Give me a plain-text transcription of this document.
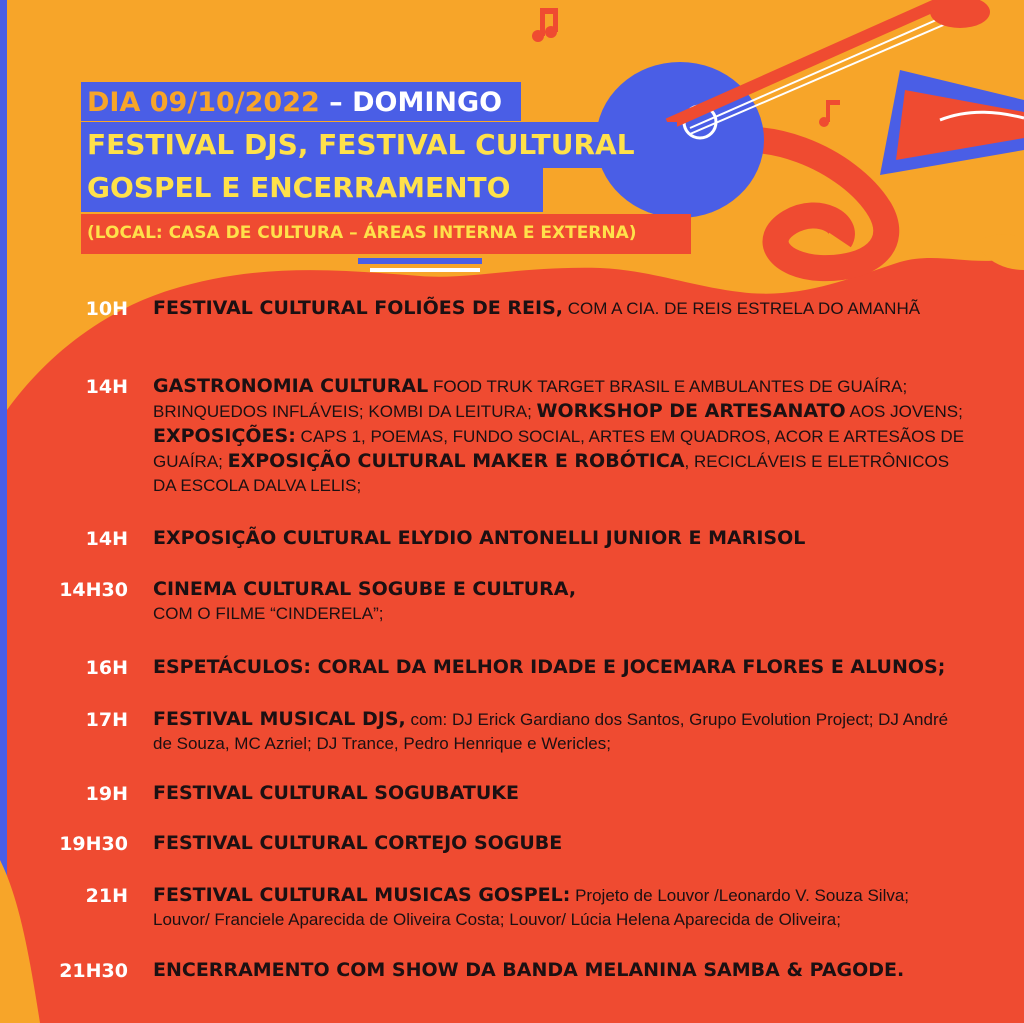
DIA 09/10/2022 – DOMINGO
FESTIVAL DJS, FESTIVAL CULTURAL
GOSPEL E ENCERRAMENTO
(LOCAL: CASA DE CULTURA – ÁREAS INTERNA E EXTERNA)
10H FESTIVAL CULTURAL FOLIÕES DE REIS, COM A CIA. DE REIS ESTRELA DO AMANHÃ
14H GASTRONOMIA CULTURAL FOOD TRUK TARGET BRASIL E AMBULANTES DE GUAÍRA; BRINQUEDOS INFLÁVEIS; KOMBI DA LEITURA; WORKSHOP DE ARTESANATO AOS JOVENS; EXPOSIÇÕES: CAPS 1, POEMAS, FUNDO SOCIAL, ARTES EM QUADROS, ACOR E ARTESÃOS DE GUAÍRA; EXPOSIÇÃO CULTURAL MAKER E ROBÓTICA, RECICLÁVEIS E ELETRÔNICOS DA ESCOLA DALVA LELIS;
14H EXPOSIÇÃO CULTURAL ELYDIO ANTONELLI JUNIOR E MARISOL
14H30 CINEMA CULTURAL SOGUBE E CULTURA,
COM O FILME “CINDERELA”;
16H ESPETÁCULOS: CORAL DA MELHOR IDADE E JOCEMARA FLORES E ALUNOS;
17H FESTIVAL MUSICAL DJS, com: DJ Erick Gardiano dos Santos, Grupo Evolution Project; DJ André de Souza, MC Azriel; DJ Trance, Pedro Henrique e Wericles;
19H FESTIVAL CULTURAL SOGUBATUKE
19H30 FESTIVAL CULTURAL CORTEJO SOGUBE
21H FESTIVAL CULTURAL MUSICAS GOSPEL: Projeto de Louvor /Leonardo V. Souza Silva; Louvor/ Franciele Aparecida de Oliveira Costa; Louvor/ Lúcia Helena Aparecida de Oliveira;
21H30 ENCERRAMENTO COM SHOW DA BANDA MELANINA SAMBA & PAGODE.
